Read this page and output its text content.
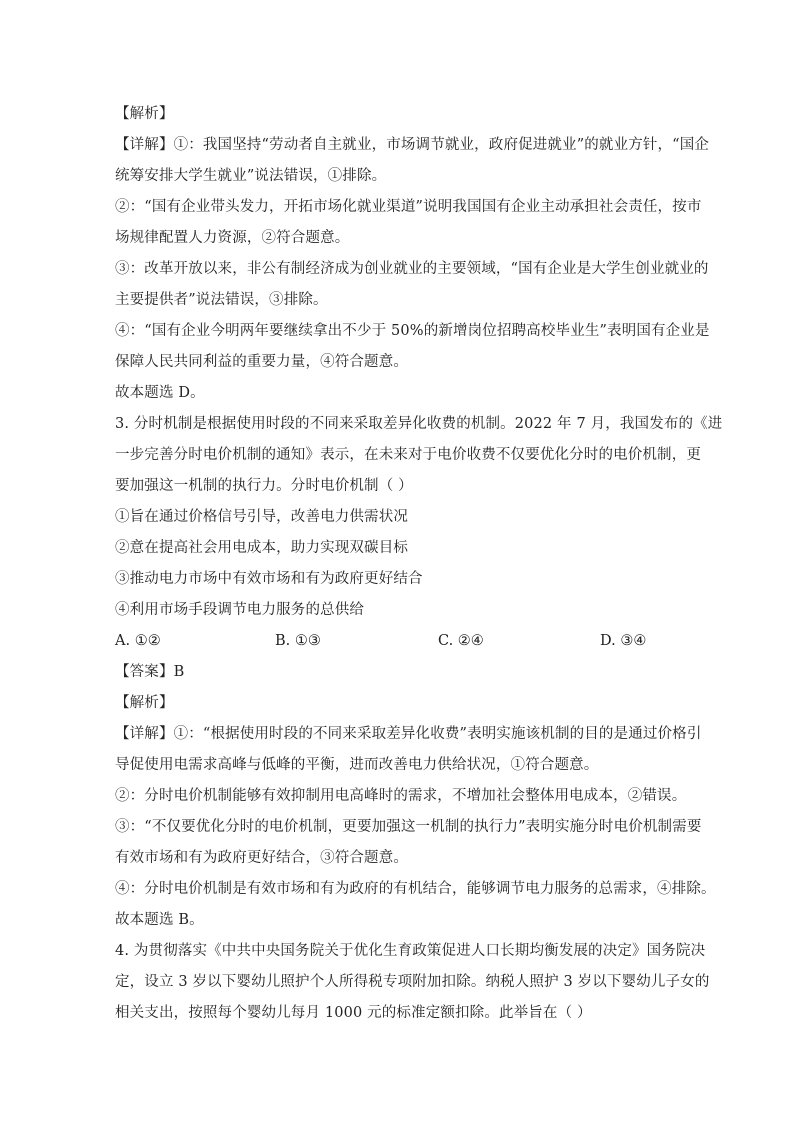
【解析】
【详解】①：我国坚持“劳动者自主就业，市场调节就业，政府促进就业”的就业方针，“国企
统筹安排大学生就业”说法错误，①排除。
②：“国有企业带头发力，开拓市场化就业渠道”说明我国国有企业主动承担社会责任，按市
场规律配置人力资源，②符合题意。
③：改革开放以来，非公有制经济成为创业就业的主要领域，“国有企业是大学生创业就业的
主要提供者”说法错误，③排除。
④：“国有企业今明两年要继续拿出不少于 50%的新增岗位招聘高校毕业生”表明国有企业是
保障人民共同利益的重要力量，④符合题意。
故本题选 D。
3. 分时机制是根据使用时段的不同来采取差异化收费的机制。2022 年 7 月，我国发布的《进
一步完善分时电价机制的通知》表示，在未来对于电价收费不仅要优化分时的电价机制，更
要加强这一机制的执行力。分时电价机制（ ）
①旨在通过价格信号引导，改善电力供需状况
②意在提高社会用电成本，助力实现双碳目标
③推动电力市场中有效市场和有为政府更好结合
④利用市场手段调节电力服务的总供给
A. ①②	B. ①③	C. ②④	D. ③④
【答案】B
【解析】
【详解】①：“根据使用时段的不同来采取差异化收费”表明实施该机制的目的是通过价格引
导促使用电需求高峰与低峰的平衡，进而改善电力供给状况，①符合题意。
②：分时电价机制能够有效抑制用电高峰时的需求，不增加社会整体用电成本，②错误。
③：“不仅要优化分时的电价机制，更要加强这一机制的执行力”表明实施分时电价机制需要
有效市场和有为政府更好结合，③符合题意。
④：分时电价机制是有效市场和有为政府的有机结合，能够调节电力服务的总需求，④排除。
故本题选 B。
4. 为贯彻落实《中共中央国务院关于优化生育政策促进人口长期均衡发展的决定》国务院决
定，设立 3 岁以下婴幼儿照护个人所得税专项附加扣除。纳税人照护 3 岁以下婴幼儿子女的
相关支出，按照每个婴幼儿每月 1000 元的标准定额扣除。此举旨在（ ）
